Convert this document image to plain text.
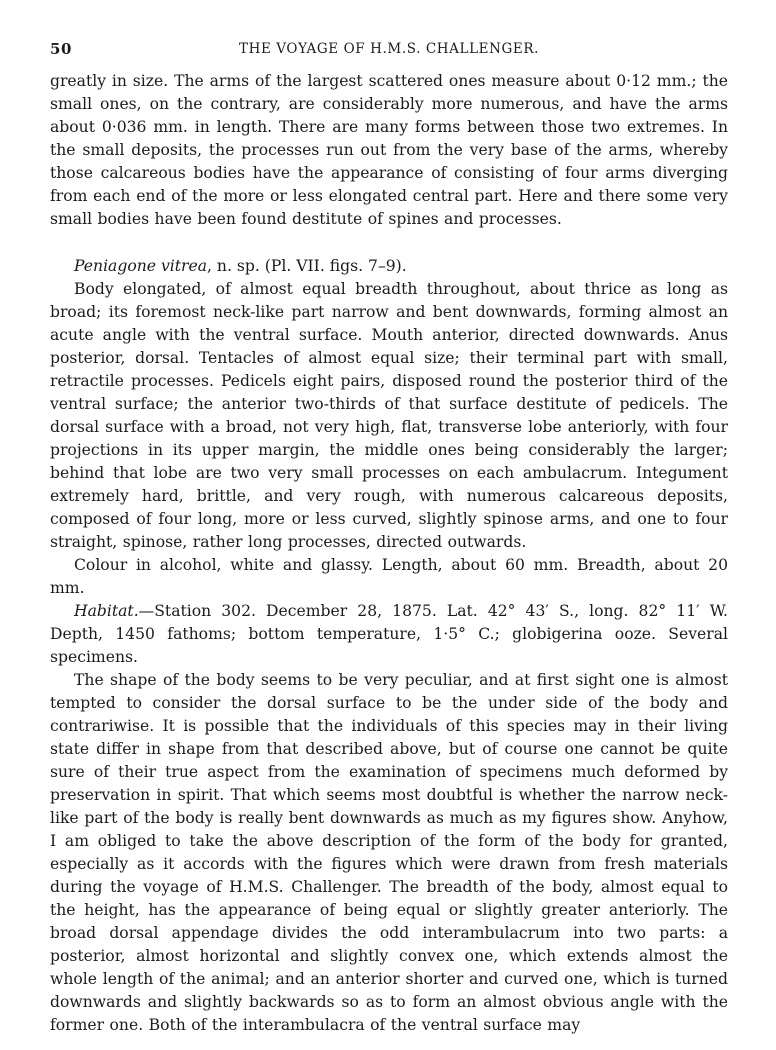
50	THE VOYAGE OF H.M.S. CHALLENGER.

greatly in size. The arms of the largest scattered ones measure about 0·12 mm.; the small ones, on the contrary, are considerably more numerous, and have the arms about 0·036 mm. in length. There are many forms between those two extremes. In the small deposits, the processes run out from the very base of the arms, whereby those calcareous bodies have the appearance of consisting of four arms diverging from each end of the more or less elongated central part. Here and there some very small bodies have been found destitute of spines and processes.

Peniagone vitrea, n. sp. (Pl. VII. figs. 7–9).

Body elongated, of almost equal breadth throughout, about thrice as long as broad; its foremost neck-like part narrow and bent downwards, forming almost an acute angle with the ventral surface. Mouth anterior, directed downwards. Anus posterior, dorsal. Tentacles of almost equal size; their terminal part with small, retractile processes. Pedicels eight pairs, disposed round the posterior third of the ventral surface; the anterior two-thirds of that surface destitute of pedicels. The dorsal surface with a broad, not very high, flat, transverse lobe anteriorly, with four projections in its upper margin, the middle ones being considerably the larger; behind that lobe are two very small processes on each ambulacrum. Integument extremely hard, brittle, and very rough, with numerous calcareous deposits, composed of four long, more or less curved, slightly spinose arms, and one to four straight, spinose, rather long processes, directed outwards.

Colour in alcohol, white and glassy. Length, about 60 mm. Breadth, about 20 mm.

Habitat.—Station 302. December 28, 1875. Lat. 42° 43′ S., long. 82° 11′ W. Depth, 1450 fathoms; bottom temperature, 1·5° C.; globigerina ooze. Several specimens.

The shape of the body seems to be very peculiar, and at first sight one is almost tempted to consider the dorsal surface to be the under side of the body and contrariwise. It is possible that the individuals of this species may in their living state differ in shape from that described above, but of course one cannot be quite sure of their true aspect from the examination of specimens much deformed by preservation in spirit. That which seems most doubtful is whether the narrow neck-like part of the body is really bent downwards as much as my figures show. Anyhow, I am obliged to take the above description of the form of the body for granted, especially as it accords with the figures which were drawn from fresh materials during the voyage of H.M.S. Challenger. The breadth of the body, almost equal to the height, has the appearance of being equal or slightly greater anteriorly. The broad dorsal appendage divides the odd interambulacrum into two parts: a posterior, almost horizontal and slightly convex one, which extends almost the whole length of the animal; and an anterior shorter and curved one, which is turned downwards and slightly backwards so as to form an almost obvious angle with the former one. Both of the interambulacra of the ventral surface may
